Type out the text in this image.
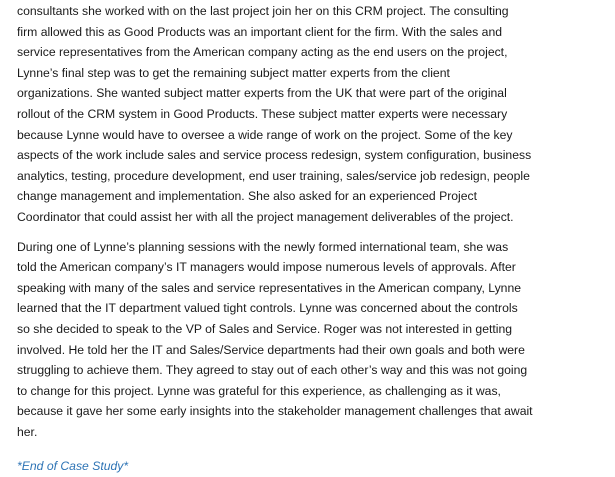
consultants she worked with on the last project join her on this CRM project. The consulting
firm allowed this as Good Products was an important client for the firm. With the sales and
service representatives from the American company acting as the end users on the project,
Lynne’s final step was to get the remaining subject matter experts from the client
organizations. She wanted subject matter experts from the UK that were part of the original
rollout of the CRM system in Good Products. These subject matter experts were necessary
because Lynne would have to oversee a wide range of work on the project. Some of the key
aspects of the work include sales and service process redesign, system configuration, business
analytics, testing, procedure development, end user training, sales/service job redesign, people
change management and implementation. She also asked for an experienced Project
Coordinator that could assist her with all the project management deliverables of the project.
During one of Lynne’s planning sessions with the newly formed international team, she was
told the American company’s IT managers would impose numerous levels of approvals. After
speaking with many of the sales and service representatives in the American company, Lynne
learned that the IT department valued tight controls. Lynne was concerned about the controls
so she decided to speak to the VP of Sales and Service. Roger was not interested in getting
involved. He told her the IT and Sales/Service departments had their own goals and both were
struggling to achieve them. They agreed to stay out of each other’s way and this was not going
to change for this project. Lynne was grateful for this experience, as challenging as it was,
because it gave her some early insights into the stakeholder management challenges that await
her.

*End of Case Study*
